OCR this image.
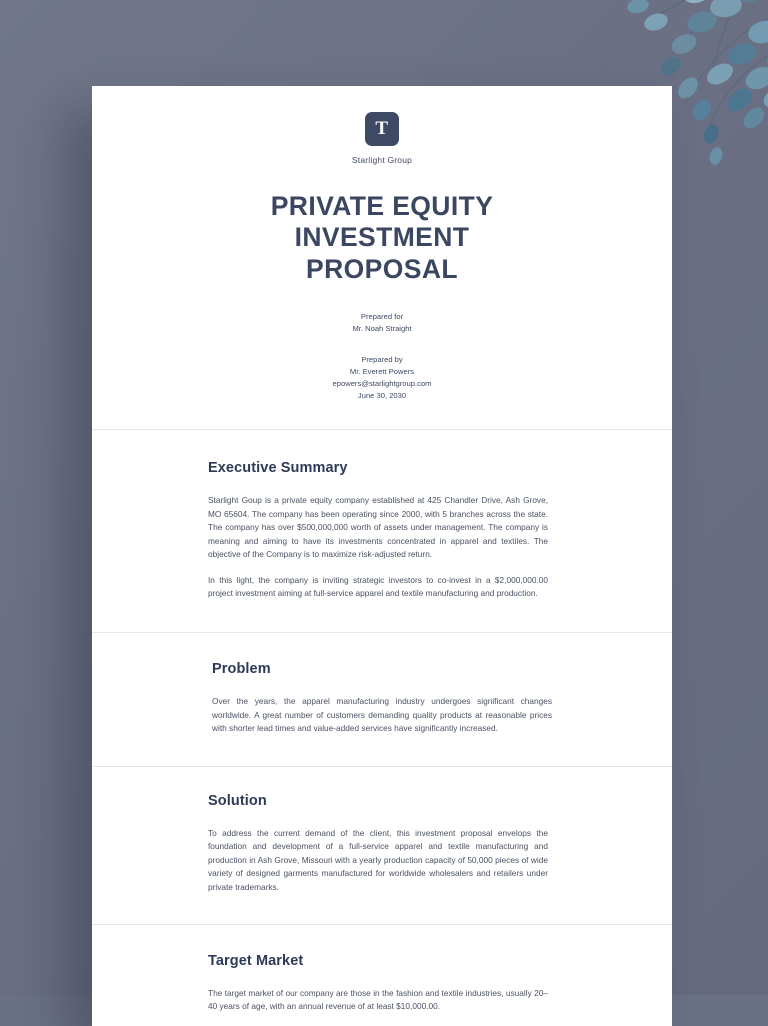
T
Starlight Group
PRIVATE EQUITY INVESTMENT PROPOSAL
Prepared for
Mr. Noah Straight
Prepared by
Mr. Everett Powers
epowers@starlightgroup.com
June 30, 2030
Executive Summary

Starlight Goup is a private equity company established at 425 Chandler Drive, Ash Grove, MO 65604. The company has been operating since 2000, with 5 branches across the state. The company has over $500,000,000 worth of assets under management. The company is meaning and aiming to have its investments concentrated in apparel and textiles. The objective of the Company is to maximize risk-adjusted return.

In this light, the company is inviting strategic investors to co-invest in a $2,000,000.00 project investment aiming at full-service apparel and textile manufacturing and production.

Problem

Over the years, the apparel manufacturing industry undergoes significant changes worldwide. A great number of customers demanding quality products at reasonable prices with shorter lead times and value-added services have significantly increased.

Solution

To address the current demand of the client, this investment proposal envelops the foundation and development of a full-service apparel and textile manufacturing and production in Ash Grove, Missouri with a yearly production capacity of 50,000 pieces of wide variety of designed garments manufactured for worldwide wholesalers and retailers under private trademarks.

Target Market

The target market of our company are those in the fashion and textile industries, usually 20–40 years of age, with an annual revenue of at least $10,000.00.
